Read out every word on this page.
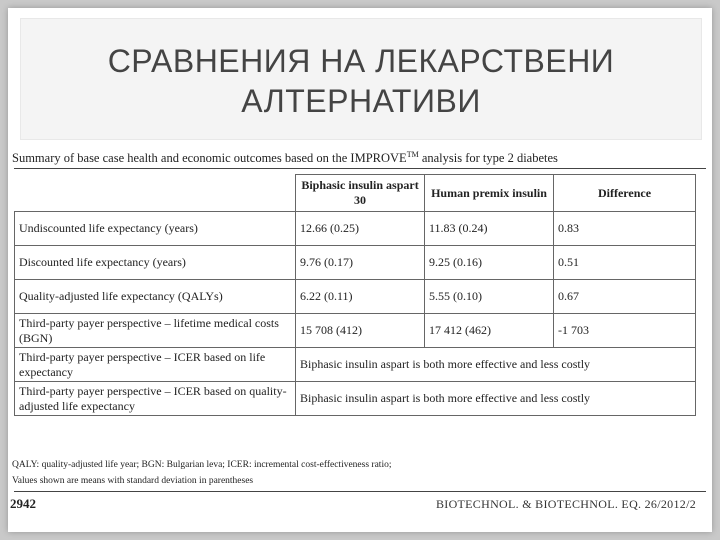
СРАВНЕНИЯ НА ЛЕКАРСТВЕНИ
АЛТЕРНАТИВИ
Summary of base case health and economic outcomes based on the IMPROVE™ analysis for type 2 diabetes
	Biphasic insulin aspart 30	Human premix insulin	Difference
Undiscounted life expectancy (years)	12.66 (0.25)	11.83 (0.24)	0.83
Discounted life expectancy (years)	9.76 (0.17)	9.25 (0.16)	0.51
Quality-adjusted life expectancy (QALYs)	6.22 (0.11)	5.55 (0.10)	0.67
Third-party payer perspective – lifetime medical costs (BGN)	15 708 (412)	17 412 (462)	-1 703
Third-party payer perspective – ICER based on life expectancy	Biphasic insulin aspart is both more effective and less costly		
Third-party payer perspective – ICER based on quality-adjusted life expectancy	Biphasic insulin aspart is both more effective and less costly		
QALY: quality-adjusted life year; BGN: Bulgarian leva; ICER: incremental cost-effectiveness ratio;
Values shown are means with standard deviation in parentheses
2942	BIOTECHNOL. & BIOTECHNOL. EQ. 26/2012/2
